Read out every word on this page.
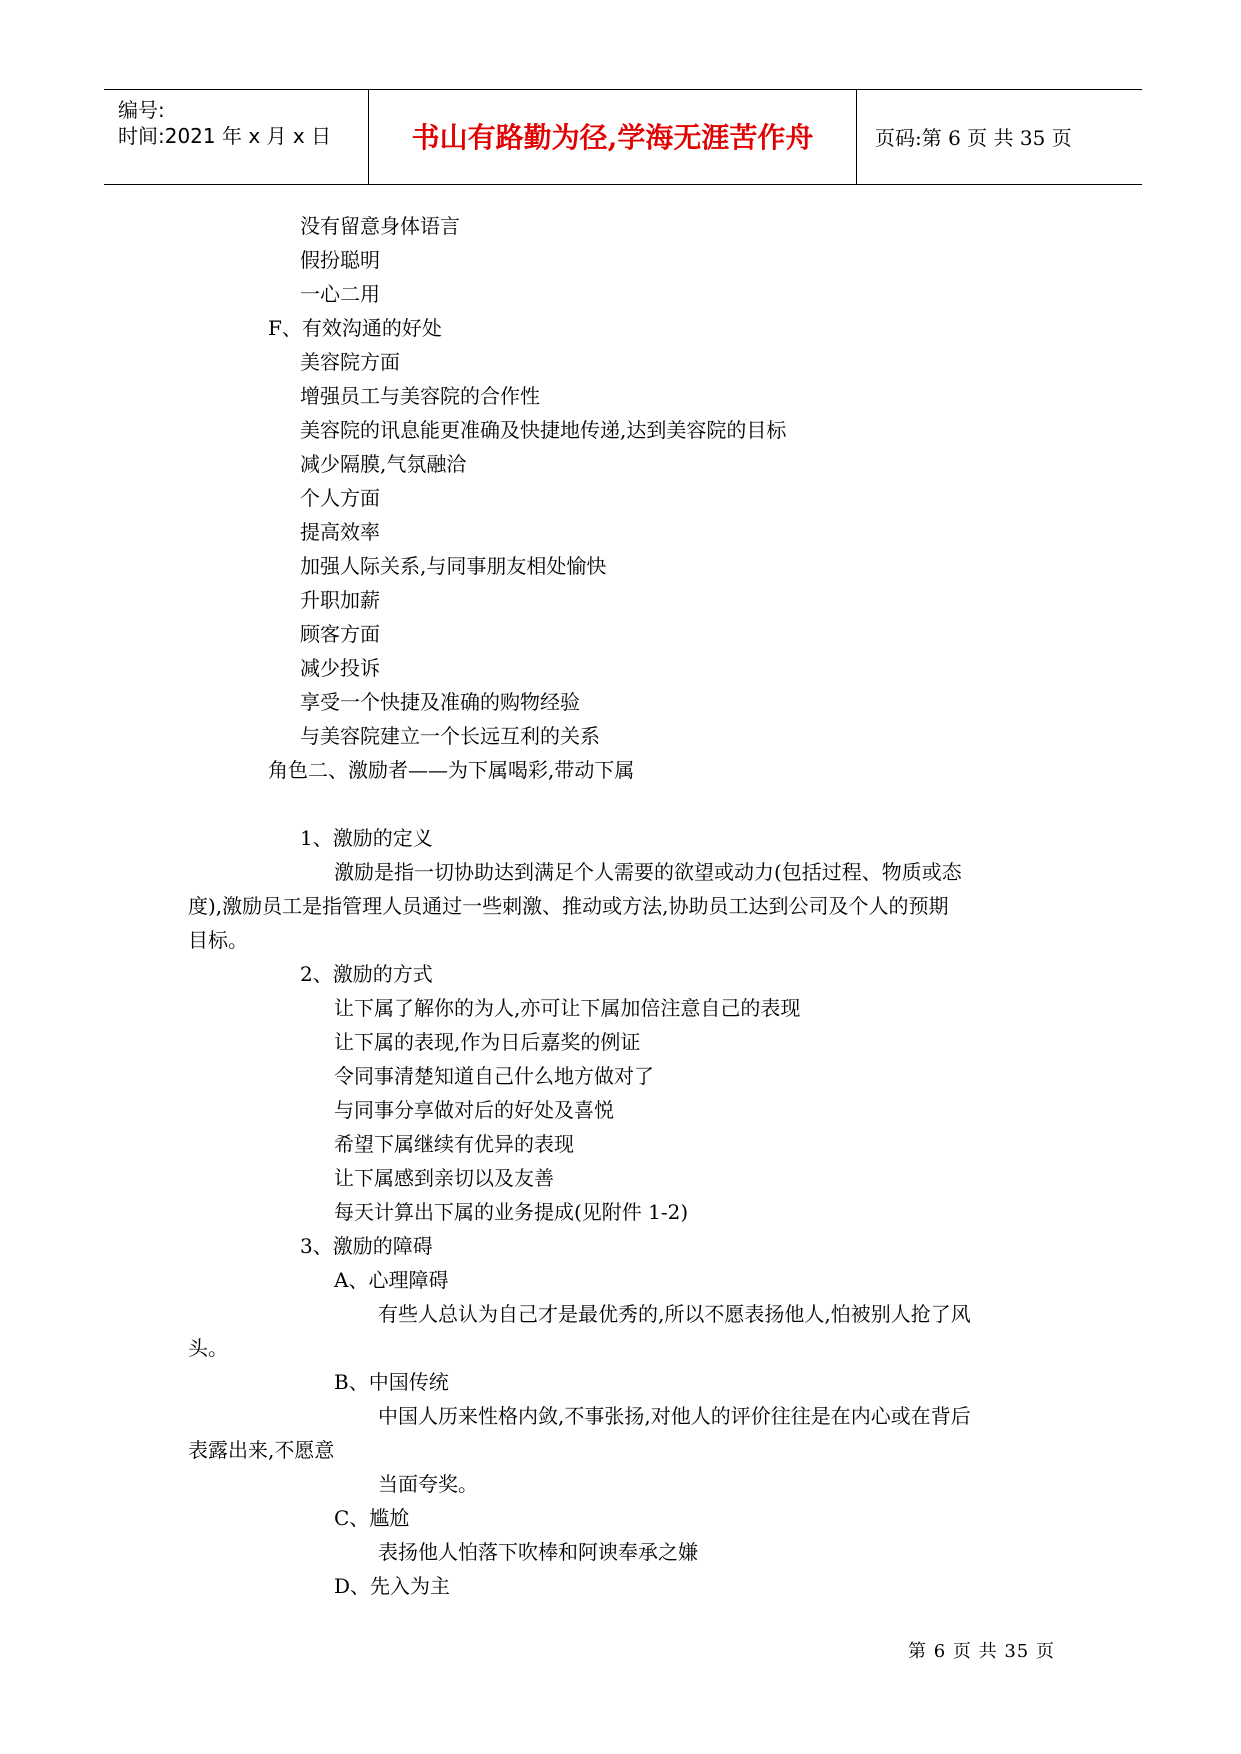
编号:
时间:2021 年 x 月 x 日	书山有路勤为径,学海无涯苦作舟	页码:第 6 页 共 35 页
没有留意身体语言
假扮聪明
一心二用
F、有效沟通的好处
美容院方面
增强员工与美容院的合作性
美容院的讯息能更准确及快捷地传递,达到美容院的目标
减少隔膜,气氛融洽
个人方面
提高效率
加强人际关系,与同事朋友相处愉快
升职加薪
顾客方面
减少投诉
享受一个快捷及准确的购物经验
与美容院建立一个长远互利的关系
角色二、激励者——为下属喝彩,带动下属
1、激励的定义
激励是指一切协助达到满足个人需要的欲望或动力(包括过程、物质或态
度),激励员工是指管理人员通过一些刺激、推动或方法,协助员工达到公司及个人的预期
目标。
2、激励的方式
让下属了解你的为人,亦可让下属加倍注意自己的表现
让下属的表现,作为日后嘉奖的例证
令同事清楚知道自己什么地方做对了
与同事分享做对后的好处及喜悦
希望下属继续有优异的表现
让下属感到亲切以及友善
每天计算出下属的业务提成(见附件 1-2)
3、激励的障碍
A、心理障碍
有些人总认为自己才是最优秀的,所以不愿表扬他人,怕被别人抢了风
头。
B、中国传统
中国人历来性格内敛,不事张扬,对他人的评价往往是在内心或在背后
表露出来,不愿意
当面夸奖。
C、尴尬
表扬他人怕落下吹棒和阿谀奉承之嫌
D、先入为主
第 6 页 共 35 页
